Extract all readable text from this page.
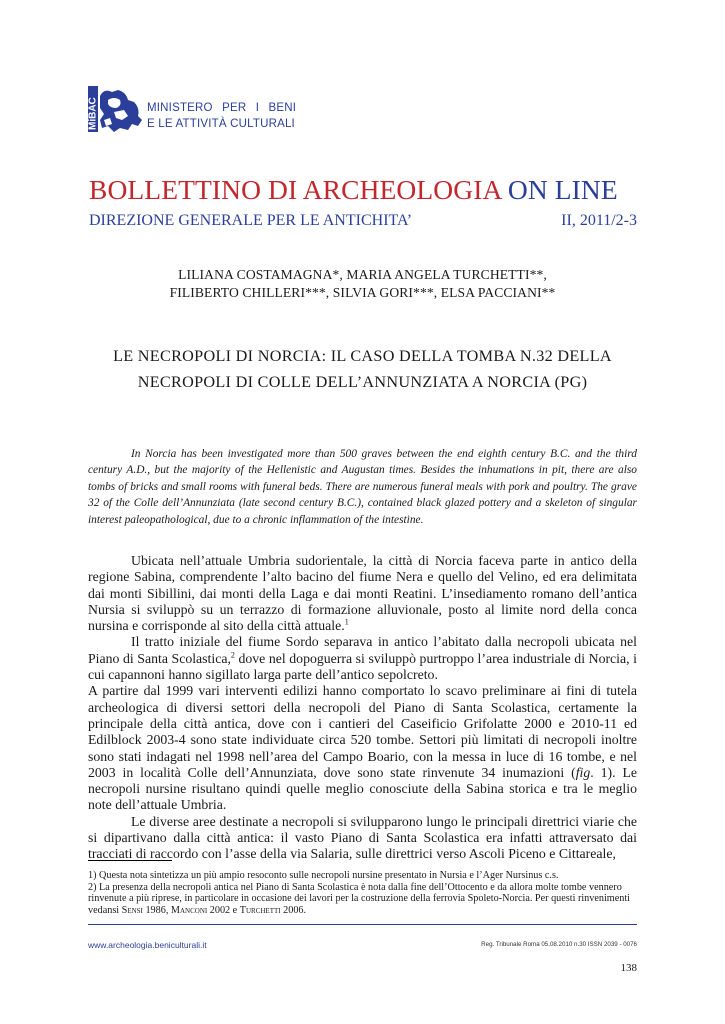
MiBAC	MINISTERO PER I BENI
E LE ATTIVITÀ CULTURALI
BOLLETTINO DI ARCHEOLOGIA ON LINE
DIREZIONE GENERALE PER LE ANTICHITA’	II, 2011/2-3
LILIANA COSTAMAGNA*, MARIA ANGELA TURCHETTI**,
FILIBERTO CHILLERI***, SILVIA GORI***, ELSA PACCIANI**
LE NECROPOLI DI NORCIA: IL CASO DELLA TOMBA N.32 DELLA
NECROPOLI DI COLLE DELL’ANNUNZIATA A NORCIA (PG)

In Norcia has been investigated more than 500 graves between the end eighth century B.C. and the third century A.D., but the majority of the Hellenistic and Augustan times. Besides the inhumations in pit, there are also tombs of bricks and small rooms with funeral beds. There are numerous funeral meals with pork and poultry. The grave 32 of the Colle dell’Annunziata (late second century B.C.), contained black glazed pottery and a skeleton of singular interest paleopathological, due to a chronic inflammation of the intestine.

Ubicata nell’attuale Umbria sudorientale, la città di Norcia faceva parte in antico della regione Sabina, comprendente l’alto bacino del fiume Nera e quello del Velino, ed era delimitata dai monti Sibillini, dai monti della Laga e dai monti Reatini. L’insediamento romano dell’antica Nursia si sviluppò su un terrazzo di formazione alluvionale, posto al limite nord della conca nursina e corrisponde al sito della città attuale.$^1$

Il tratto iniziale del fiume Sordo separava in antico l’abitato dalla necropoli ubicata nel Piano di Santa Scolastica,$^2$ dove nel dopoguerra si sviluppò purtroppo l’area industriale di Norcia, i cui capannoni hanno sigillato larga parte dell’antico sepolcreto.

A partire dal 1999 vari interventi edilizi hanno comportato lo scavo preliminare ai fini di tutela archeologica di diversi settori della necropoli del Piano di Santa Scolastica, certamente la principale della città antica, dove con i cantieri del Caseificio Grifolatte 2000 e 2010-11 ed Edilblock 2003-4 sono state individuate circa 520 tombe. Settori più limitati di necropoli inoltre sono stati indagati nel 1998 nell’area del Campo Boario, con la messa in luce di 16 tombe, e nel 2003 in località Colle dell’Annunziata, dove sono state rinvenute 34 inumazioni (fig. 1). Le necropoli nursine risultano quindi quelle meglio conosciute della Sabina storica e tra le meglio note dell’attuale Umbria.

Le diverse aree destinate a necropoli si svilupparono lungo le principali direttrici viarie che si dipartivano dalla città antica: il vasto Piano di Santa Scolastica era infatti attraversato dai tracciati di raccordo con l’asse della via Salaria, sulle direttrici verso Ascoli Piceno e Cittareale,

1) Questa nota sintetizza un più ampio resoconto sulle necropoli nursine presentato in Nursia e l’Ager Nursinus c.s.

2) La presenza della necropoli antica nel Piano di Santa Scolastica è nota dalla fine dell’Ottocento e da allora molte tombe vennero rinvenute a più riprese, in particolare in occasione dei lavori per la costruzione della ferrovia Spoleto-Norcia. Per questi rinvenimenti vedansi Sensi 1986, Manconi 2002 e Turchetti 2006.

www.archeologia.beniculturali.it	Reg. Tribunale Roma 05.08.2010 n.30 ISSN 2039 - 0076
138
